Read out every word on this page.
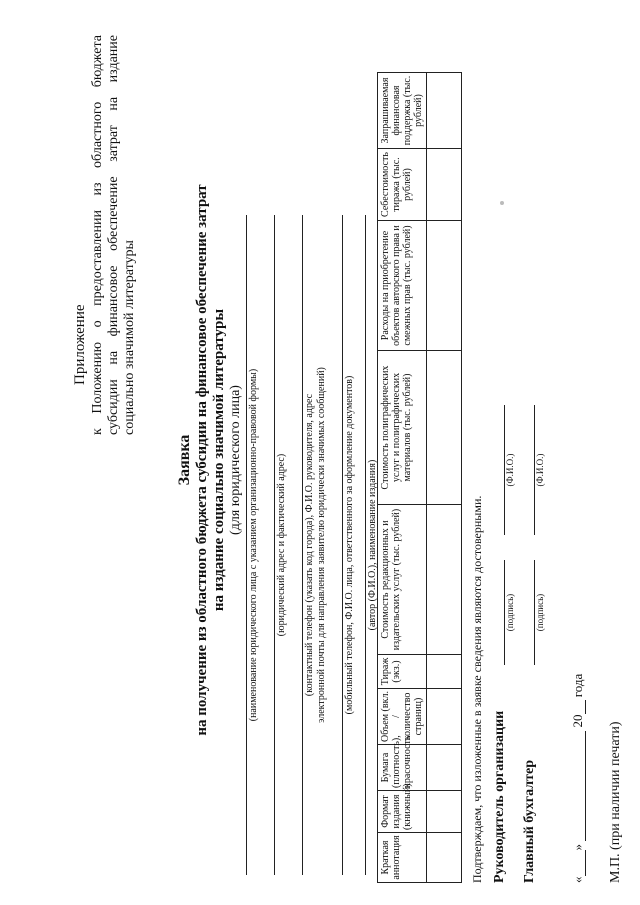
Приложение к Положению о предоставлении из областного бюджета субсидии на финансовое обеспечение затрат на издание социально значимой литературы
Заявка на получение из областного бюджета субсидии на финансовое обеспечение затрат на издание социально значимой литературы (для юридического лица) (наименование юридического лица с указанием организационно-правовой формы) (юридический адрес и фактический адрес)
(контактный телефон (указать код города), Ф.И.О. руководителя, адрес
электронной почты для направления заявителю юридически значимых сообщений) (мобильный телефон, Ф.И.О. лица, ответственного за оформление документов) (автор (Ф.И.О.), наименование издания)
Краткая аннотация	Формат издания (книжный)	Бумага (плотность), красочность	Объем (вкл. / количество страниц)	Тираж (экз.)	Стоимость редакционных и издательских услуг (тыс. рублей)	Стоимость полиграфических услуг и полиграфических материалов (тыс. рублей)	Расходы на приобретение объектов авторского права и смежных прав (тыс. рублей)	Себестоимость тиража (тыс. рублей)	Запрашиваемая финансовая поддержка (тыс. рублей)

Подтверждаем, что изложенные в заявке сведения являются достоверными. Руководитель организации
(подпись)
(Ф.И.О.)
Главный бухгалтер
(подпись)
(Ф.И.О.)
«»  20 года
М.П. (при наличии печати)
